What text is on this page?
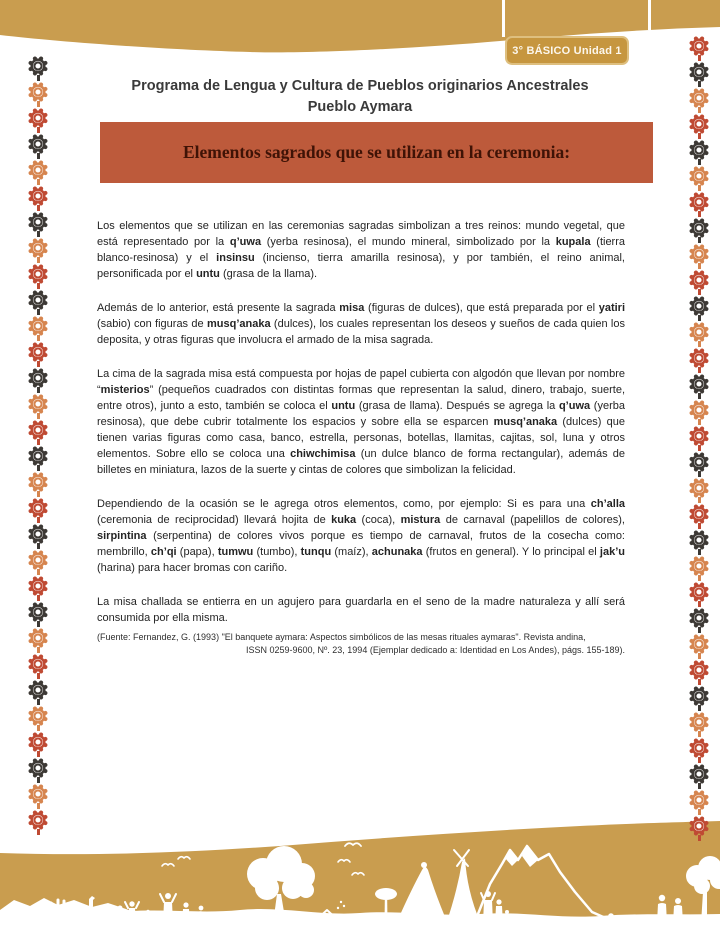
3° BÁSICO Unidad 1
Programa de Lengua y Cultura de Pueblos originarios Ancestrales
Pueblo Aymara
Elementos sagrados que se utilizan en la ceremonia:

Los elementos que se utilizan en las ceremonias sagradas simbolizan a tres reinos: mundo vegetal, que está representado por la q’uwa (yerba resinosa), el mundo mineral, simbolizado por la kupala (tierra blanco-resinosa) y el insinsu (incienso, tierra amarilla resinosa), y por también, el reino animal, personificada por el untu (grasa de la llama).

Además de lo anterior, está presente la sagrada misa (figuras de dulces), que está preparada por el yatiri (sabio) con figuras de musq’anaka (dulces), los cuales representan los deseos y sueños de cada quien los deposita, y otras figuras que involucra el armado de la misa sagrada.

La cima de la sagrada misa está compuesta por hojas de papel cubierta con algodón que llevan por nombre “misterios” (pequeños cuadrados con distintas formas que representan la salud, dinero, trabajo, suerte, entre otros), junto a esto, también se coloca el untu (grasa de llama). Después se agrega la q’uwa (yerba resinosa), que debe cubrir totalmente los espacios y sobre ella se esparcen musq’anaka (dulces) que tienen varias figuras como casa, banco, estrella, personas, botellas, llamitas, cajitas, sol, luna y otros elementos. Sobre ello se coloca una chiwchimisa (un dulce blanco de forma rectangular), además de billetes en miniatura, lazos de la suerte y cintas de colores que simbolizan la felicidad.

Dependiendo de la ocasión se le agrega otros elementos, como, por ejemplo: Si es para una ch’alla (ceremonia de reciprocidad) llevará hojita de kuka (coca), mistura de carnaval (papelillos de colores), sirpintina (serpentina) de colores vivos porque es tiempo de carnaval, frutos de la cosecha como: membrillo, ch’qi (papa), tumwu (tumbo), tunqu (maíz), achunaka (frutos en general). Y lo principal el jak’u (harina) para hacer bromas con cariño.

La misa challada se entierra en un agujero para guardarla en el seno de la madre naturaleza y allí será consumida por ella misma.

(Fuente: Fernandez, G. (1993) "El banquete aymara: Aspectos simbólicos de las mesas rituales aymaras". Revista andina,
ISSN 0259-9600, Nº. 23, 1994 (Ejemplar dedicado a: Identidad en Los Andes), págs. 155-189).
